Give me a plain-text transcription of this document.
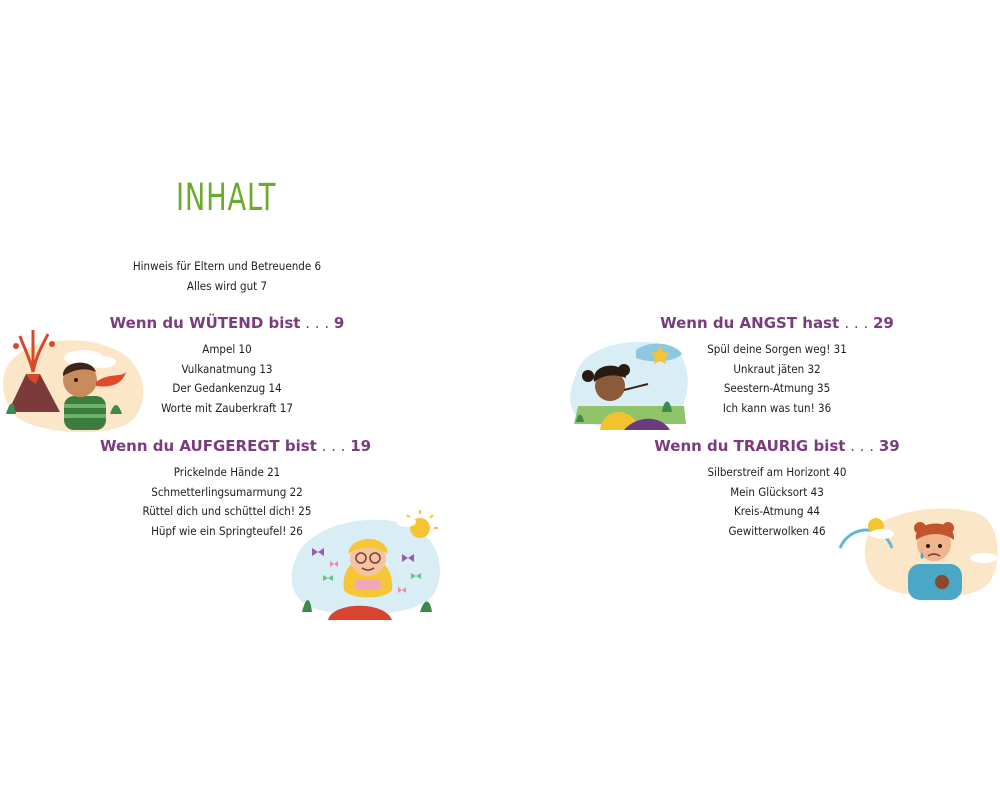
INHALT
Hinweis für Eltern und Betreuende 6
Alles wird gut 7
Wenn du WÜTEND bist . . . 9
Ampel 10
Vulkanatmung 13
Der Gedankenzug 14
Worte mit Zauberkraft 17
Wenn du AUFGEREGT bist . . . 19
Prickelnde Hände 21
Schmetterlingsumarmung 22
Rüttel dich und schüttel dich! 25
Hüpf wie ein Springteufel! 26
Wenn du ANGST hast . . . 29
Spül deine Sorgen weg! 31
Unkraut jäten 32
Seestern-Atmung 35
Ich kann was tun! 36
Wenn du TRAURIG bist . . . 39
Silberstreif am Horizont 40
Mein Glücksort 43
Kreis-Atmung 44
Gewitterwolken 46
